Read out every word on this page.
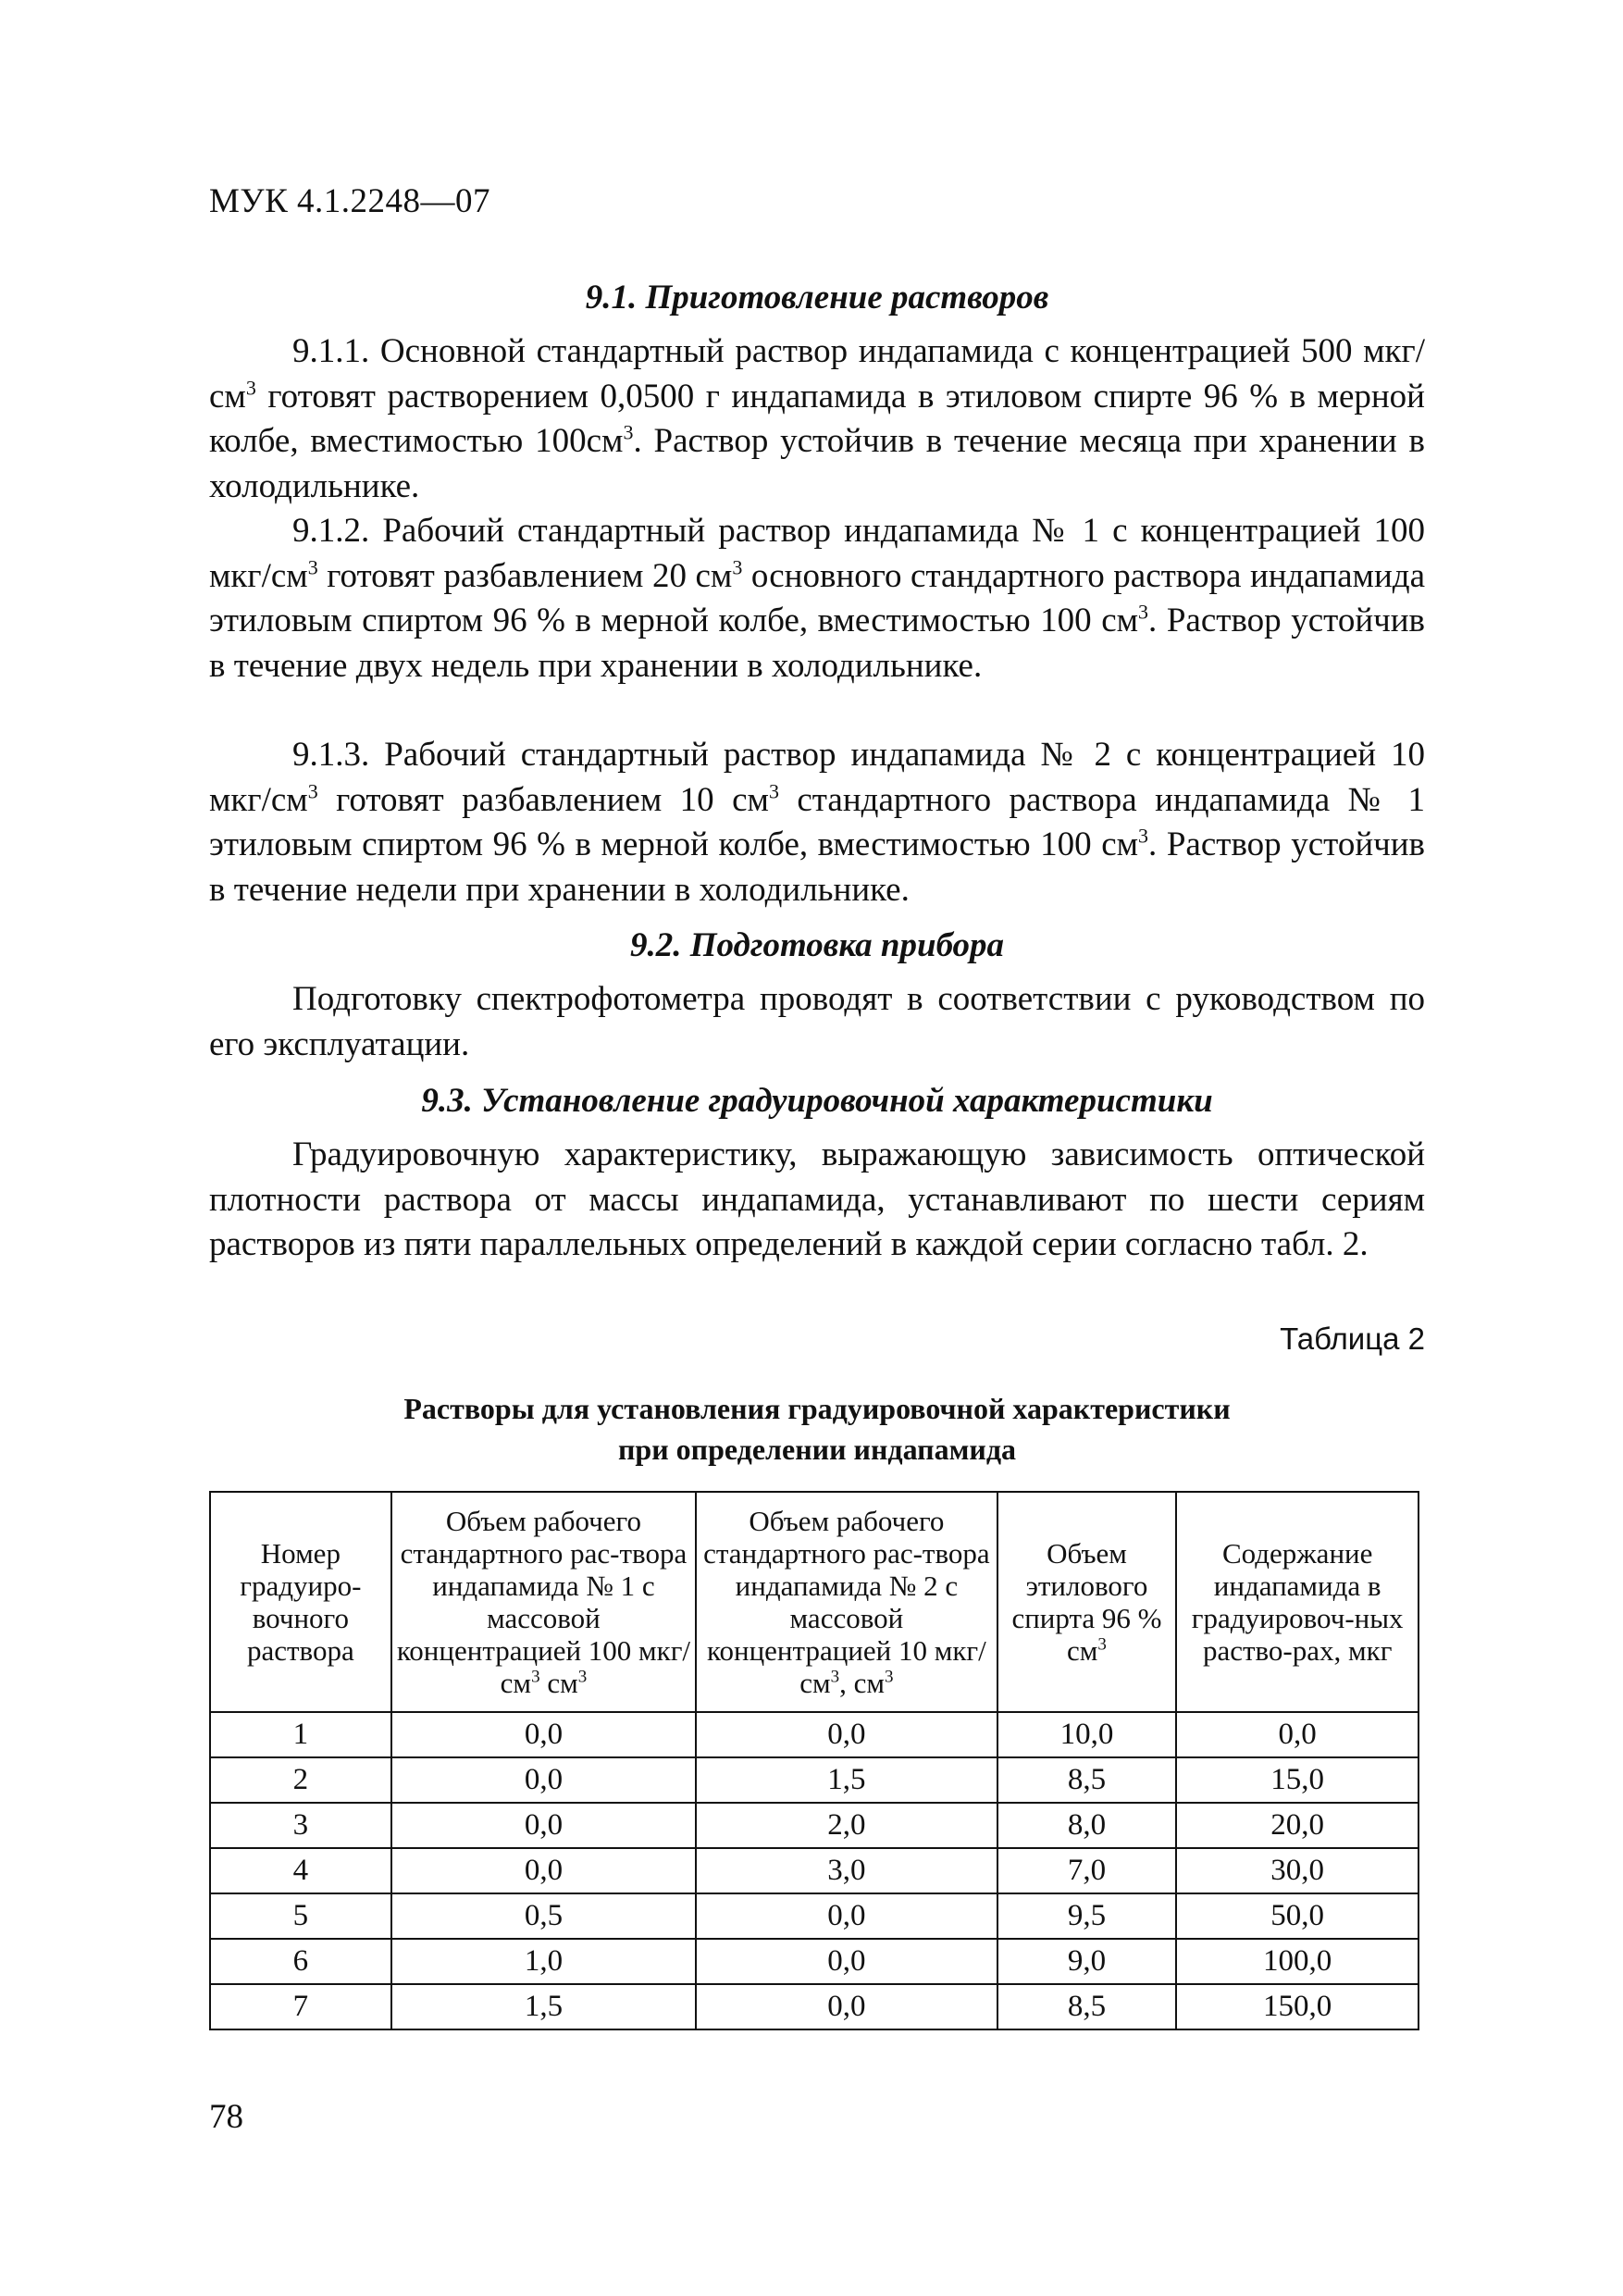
МУК 4.1.2248—07
9.1. Приготовление растворов

9.1.1. Основной стандартный раствор индапамида с концентрацией 500 мкг/$см^3$ готовят растворением 0,0500 г индапамида в этиловом спирте 96 % в мерной колбе, вместимостью $100см^3$. Раствор устойчив в течение месяца при хранении в холодильнике.

9.1.2. Рабочий стандартный раствор индапамида № 1 с концентрацией 100 мкг/$см^3$ готовят разбавлением 20 $см^3$ основного стандартного раствора индапамида этиловым спиртом 96 % в мерной колбе, вместимостью 100 $см^3$. Раствор устойчив в течение двух недель при хранении в холодильнике.

9.1.3. Рабочий стандартный раствор индапамида № 2 с концентрацией 10 мкг/$см^3$ готовят разбавлением 10 $см^3$ стандартного раствора индапамида № 1 этиловым спиртом 96 % в мерной колбе, вместимостью 100 $см^3$. Раствор устойчив в течение недели при хранении в холодильнике.

9.2. Подготовка прибора

Подготовку спектрофотометра проводят в соответствии с руководством по его эксплуатации.

9.3. Установление градуировочной характеристики

Градуировочную характеристику, выражающую зависимость оптической плотности раствора от массы индапамида, устанавливают по шести сериям растворов из пяти параллельных определений в каждой серии согласно табл. 2.

Таблица 2
Растворы для установления градуировочной характеристики
при определении индапамида
Номер градуиро-вочного раствора	Объем рабочего стандартного рас-твора индапамида № 1 с массовой концентрацией 100 мкг/$см^3$ $см^3$	Объем рабочего стандартного рас-твора индапамида № 2 с массовой концентрацией 10 мкг/$см^3$, $см^3$	Объем этилового спирта 96 % $см^3$	Содержание индапамида в градуировоч-ных раство-рах, мкг
1	0,0	0,0	10,0	0,0
2	0,0	1,5	8,5	15,0
3	0,0	2,0	8,0	20,0
4	0,0	3,0	7,0	30,0
5	0,5	0,0	9,5	50,0
6	1,0	0,0	9,0	100,0
7	1,5	0,0	8,5	150,0
78
